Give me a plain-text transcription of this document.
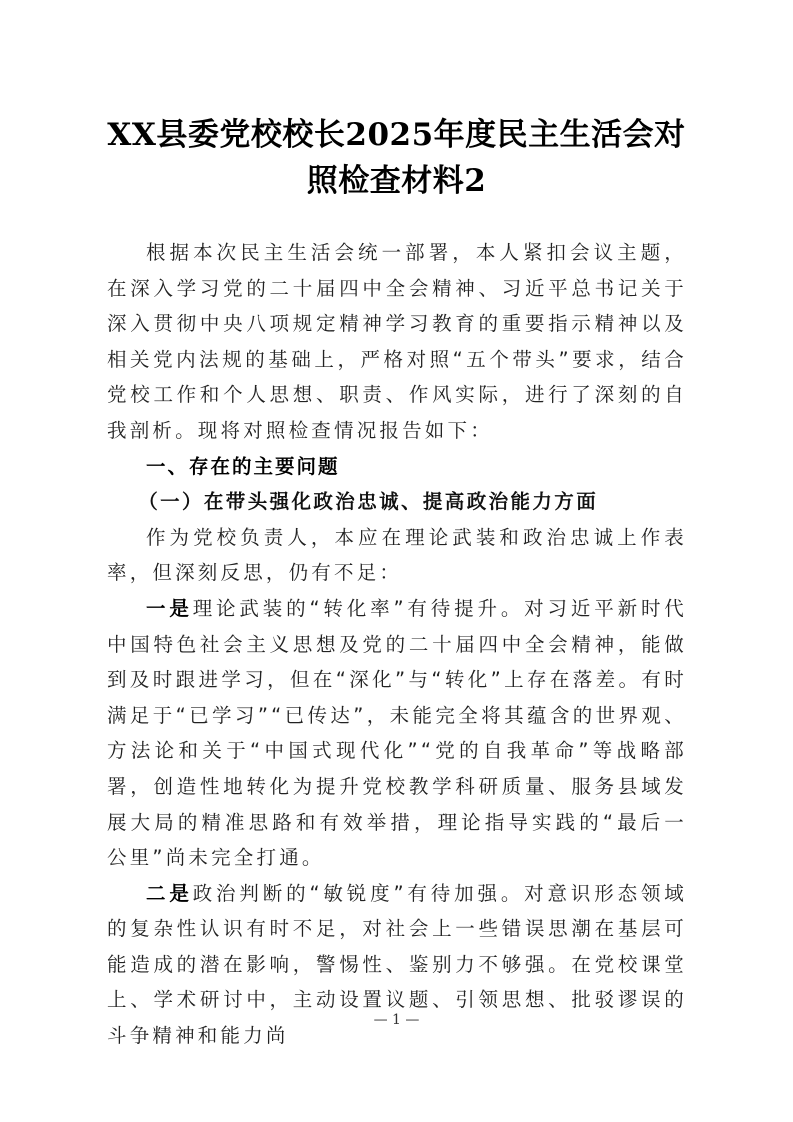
XX县委党校校长2025年度民主生活会对
照检查材料2

根据本次民主生活会统一部署，本人紧扣会议主题，在深入学习党的二十届四中全会精神、习近平总书记关于深入贯彻中央八项规定精神学习教育的重要指示精神以及相关党内法规的基础上，严格对照“五个带头”要求，结合党校工作和个人思想、职责、作风实际，进行了深刻的自我剖析。现将对照检查情况报告如下：

一、存在的主要问题

（一）在带头强化政治忠诚、提高政治能力方面

作为党校负责人，本应在理论武装和政治忠诚上作表率，但深刻反思，仍有不足：

一是理论武装的“转化率”有待提升。对习近平新时代中国特色社会主义思想及党的二十届四中全会精神，能做到及时跟进学习，但在“深化”与“转化”上存在落差。有时满足于“已学习”“已传达”，未能完全将其蕴含的世界观、方法论和关于“中国式现代化”“党的自我革命”等战略部署，创造性地转化为提升党校教学科研质量、服务县域发展大局的精准思路和有效举措，理论指导实践的“最后一公里”尚未完全打通。

二是政治判断的“敏锐度”有待加强。对意识形态领域的复杂性认识有时不足，对社会上一些错误思潮在基层可能造成的潜在影响，警惕性、鉴别力不够强。在党校课堂上、学术研讨中，主动设置议题、引领思想、批驳谬误的斗争精神和能力尚

— 1 —
